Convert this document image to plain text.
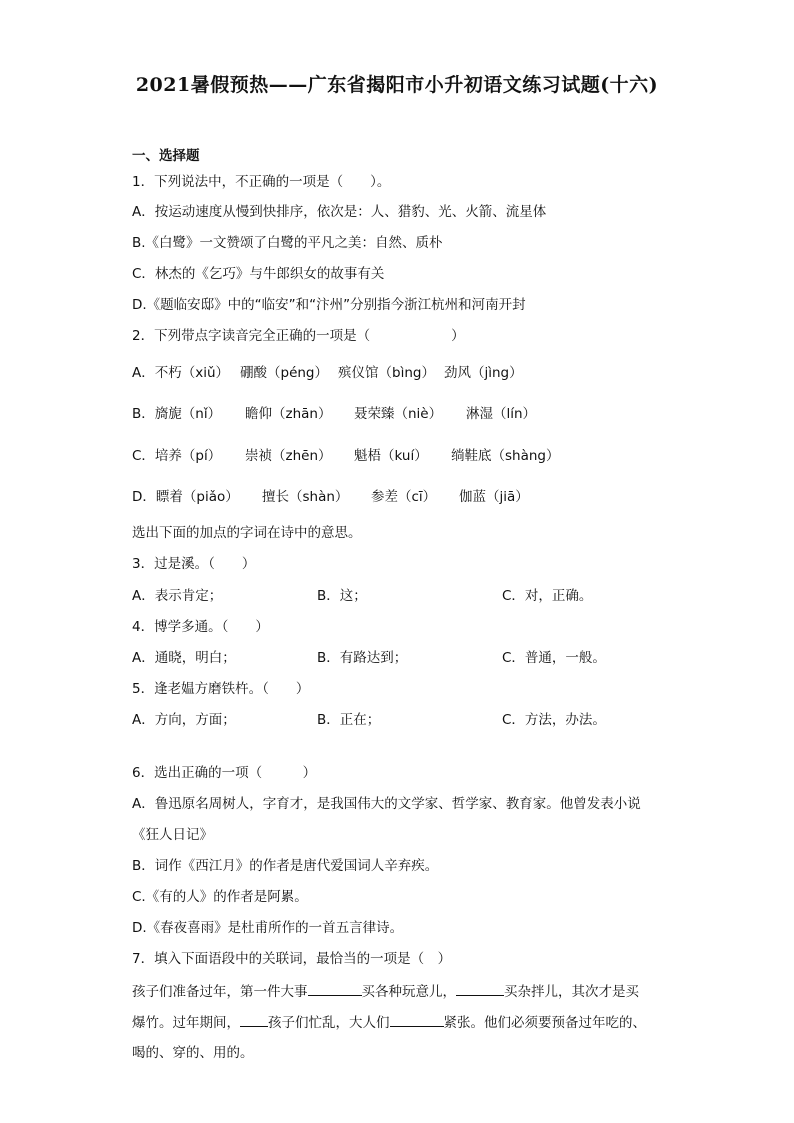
2021暑假预热——广东省揭阳市小升初语文练习试题(十六)
一、选择题
1．下列说法中，不正确的一项是（　　）。
A．按运动速度从慢到快排序，依次是：人、猎豹、光、火箭、流星体
B.《白鹭》一文赞颂了白鹭的平凡之美：自然、质朴
C．林杰的《乞巧》与牛郎织女的故事有关
D.《题临安邸》中的“临安”和“汴州”分别指今浙江杭州和河南开封
2．下列带点字读音完全正确的一项是（　　　　　　）
A．不朽（xiǔ） 硼酸（péng） 殡仪馆（bìng） 劲风（jìng）
B．旖旎（nǐ） 瞻仰（zhān） 聂荣臻（niè） 淋湿（lín）
C．培养（pí） 崇祯（zhēn） 魁梧（kuí） 绱鞋底（shàng）
D．瞟着（piǎo） 擅长（shàn） 参差（cī） 伽蓝（jiā）
选出下面的加点的字词在诗中的意思。
3．过是溪。（　　）
A．表示肯定；	B．这；	C．对，正确。
4．博学多通。（　　）
A．通晓，明白；	B．有路达到；	C．普通，一般。
5．逢老媪方磨铁杵。（　　）
A．方向，方面；	B．正在；	C．方法，办法。
6．选出正确的一项（　　　）
A．鲁迅原名周树人，字育才，是我国伟大的文学家、哲学家、教育家。他曾发表小说
《狂人日记》
B．词作《西江月》的作者是唐代爱国词人辛弃疾。
C.《有的人》的作者是阿累。
D.《春夜喜雨》是杜甫所作的一首五言律诗。
7．填入下面语段中的关联词，最恰当的一项是（　）
孩子们准备过年，第一件大事	买各种玩意儿，	买杂拌儿，其次才是买
爆竹。过年期间， 孩子们忙乱，大人们	紧张。他们必须要预备过年吃的、
喝的、穿的、用的。
